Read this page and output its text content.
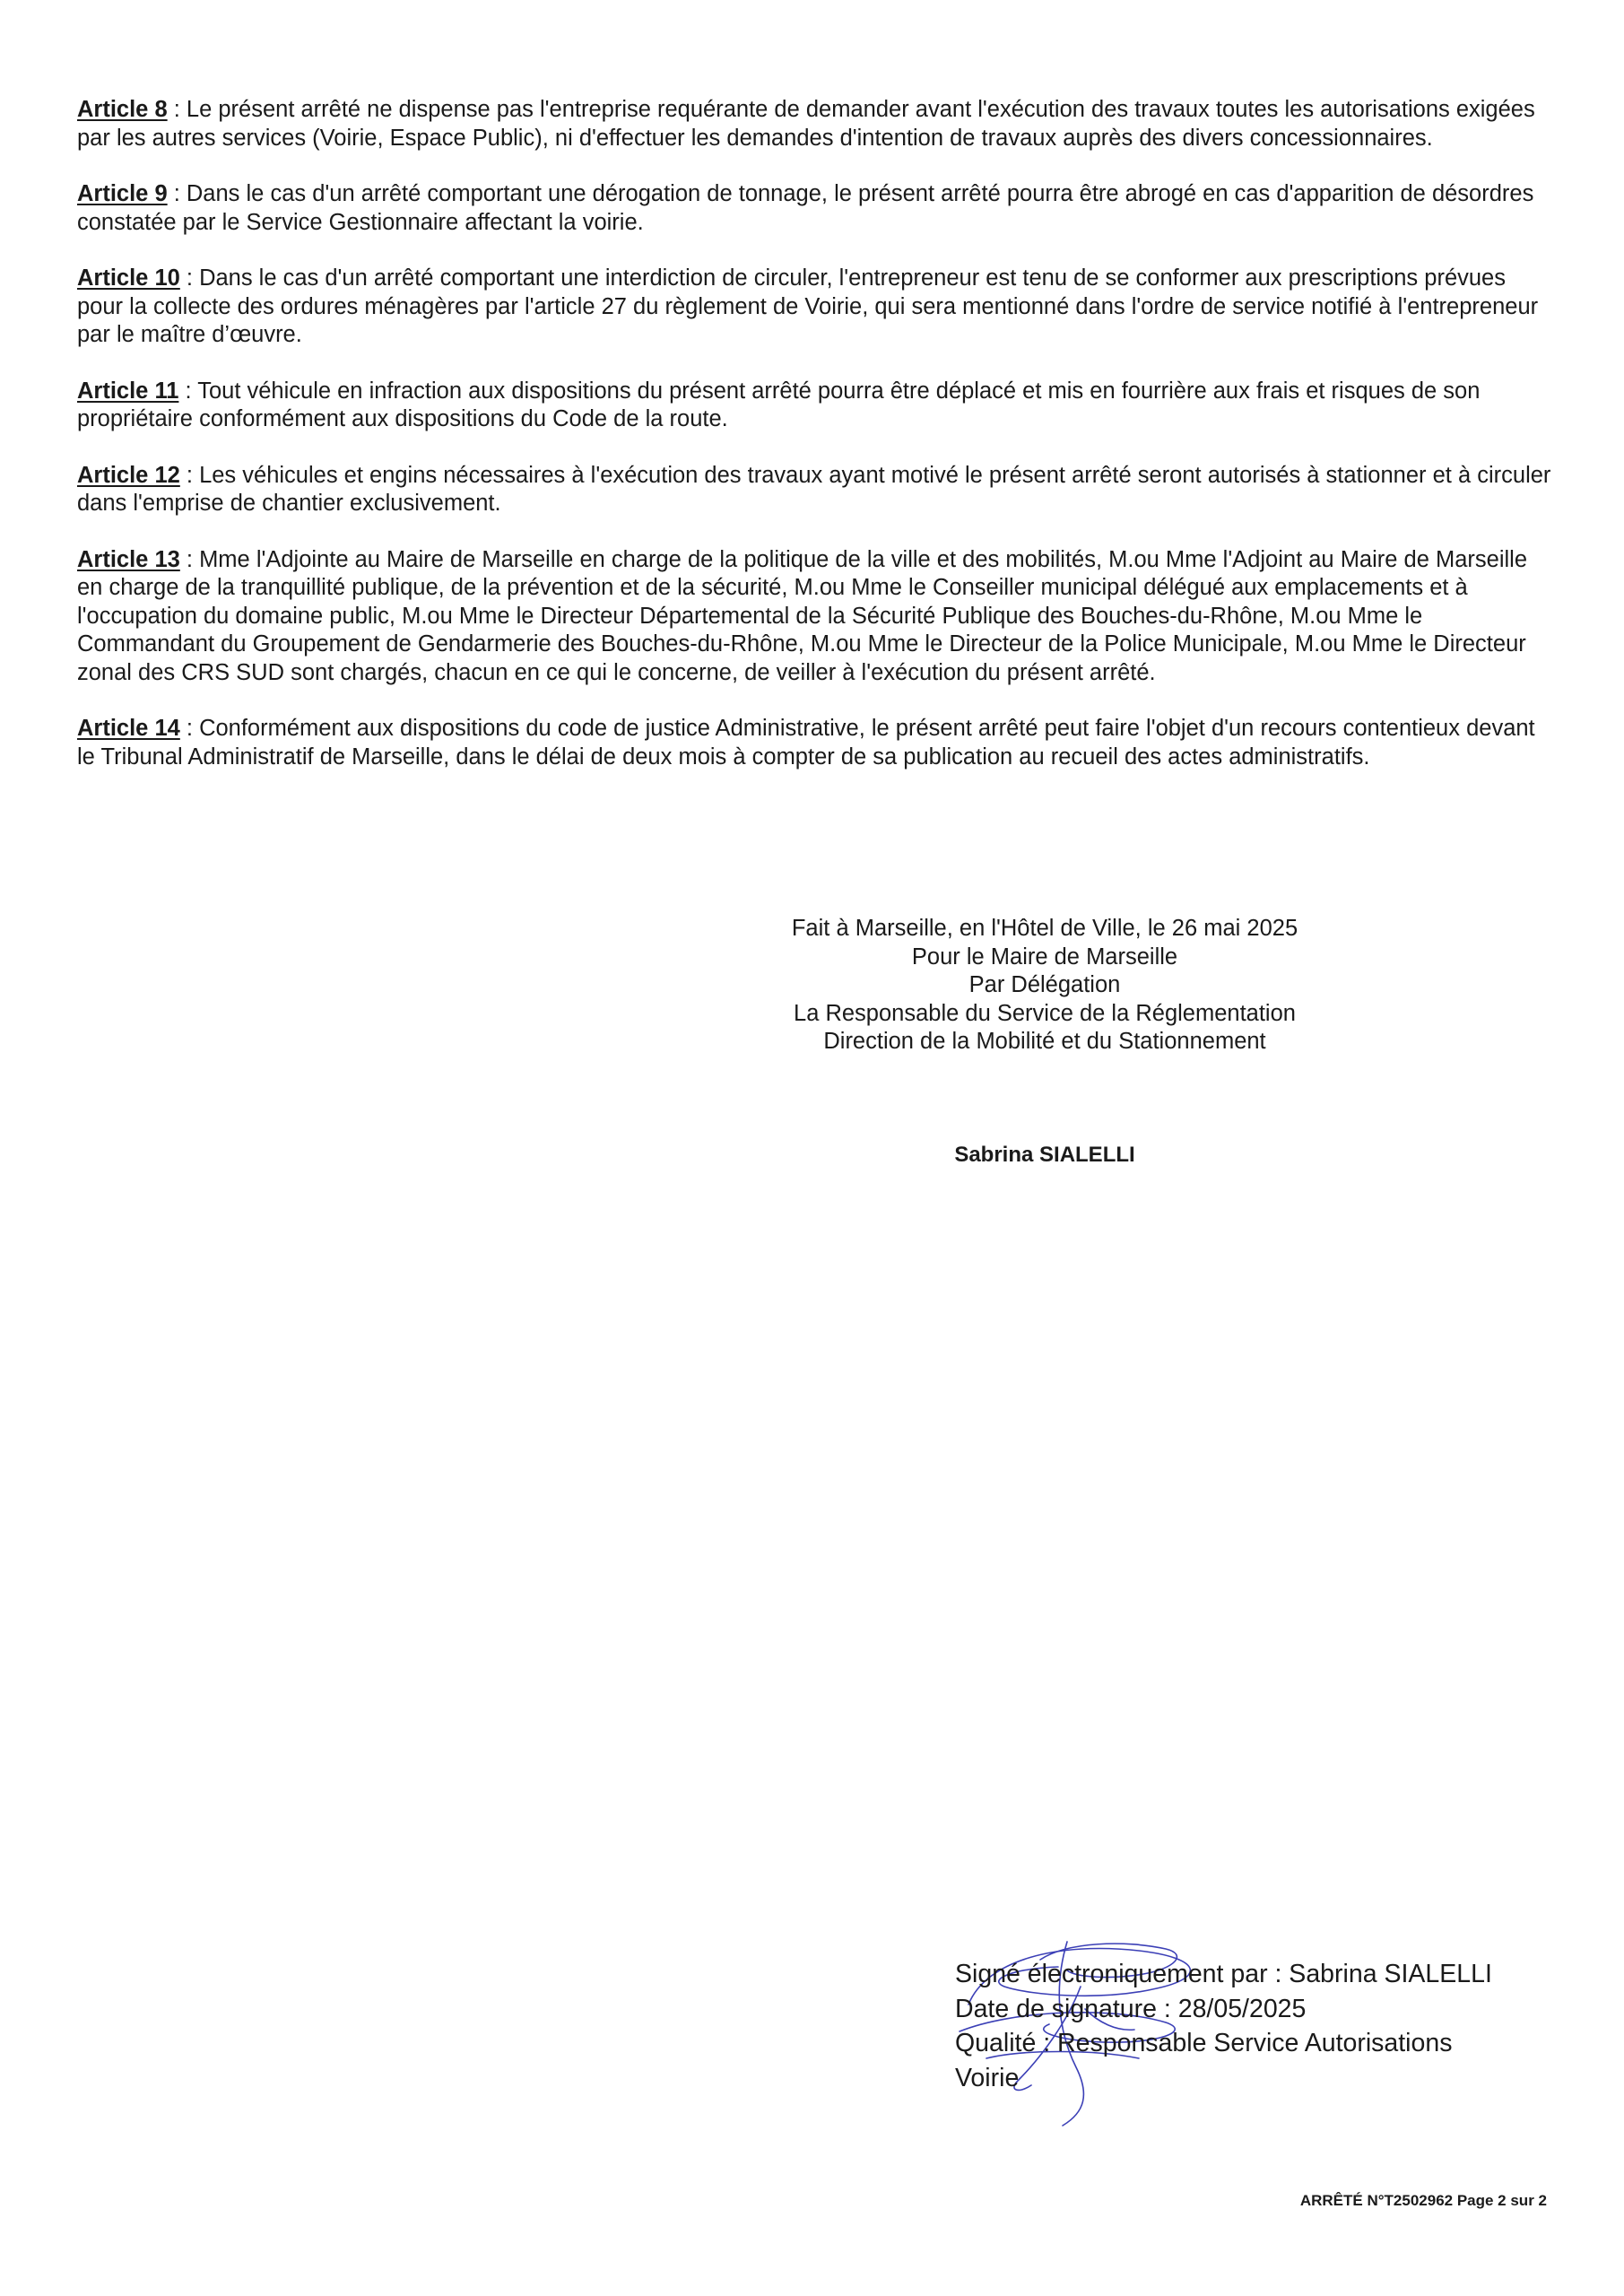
Article 8 : Le présent arrêté ne dispense pas l'entreprise requérante de demander avant l'exécution des travaux toutes les autorisations exigées par les autres services (Voirie, Espace Public), ni d'effectuer les demandes d'intention de travaux auprès des divers concessionnaires.

Article 9 : Dans le cas d'un arrêté comportant une dérogation de tonnage, le présent arrêté pourra être abrogé en cas d'apparition de désordres constatée par le Service Gestionnaire affectant la voirie.

Article 10 : Dans le cas d'un arrêté comportant une interdiction de circuler, l'entrepreneur est tenu de se conformer aux prescriptions prévues pour la collecte des ordures ménagères par l'article 27 du règlement de Voirie, qui sera mentionné dans l'ordre de service notifié à l'entrepreneur par le maître d’œuvre.

Article 11 : Tout véhicule en infraction aux dispositions du présent arrêté pourra être déplacé et mis en fourrière aux frais et risques de son propriétaire conformément aux dispositions du Code de la route.

Article 12 : Les véhicules et engins nécessaires à l'exécution des travaux ayant motivé le présent arrêté seront autorisés à stationner et à circuler dans l'emprise de chantier exclusivement.

Article 13 : Mme l'Adjointe au Maire de Marseille en charge de la politique de la ville et des mobilités, M.ou Mme l'Adjoint au Maire de Marseille en charge de la tranquillité publique, de la prévention et de la sécurité, M.ou Mme le Conseiller municipal délégué aux emplacements et à l'occupation du domaine public, M.ou Mme le Directeur Départemental de la Sécurité Publique des Bouches-du-Rhône, M.ou Mme le Commandant du Groupement de Gendarmerie des Bouches-du-Rhône, M.ou Mme le Directeur de la Police Municipale, M.ou Mme le Directeur zonal des CRS SUD sont chargés, chacun en ce qui le concerne, de veiller à l'exécution du présent arrêté.

Article 14 : Conformément aux dispositions du code de justice Administrative, le présent arrêté peut faire l'objet d'un recours contentieux devant le Tribunal Administratif de Marseille, dans le délai de deux mois à compter de sa publication au recueil des actes administratifs.

Fait à Marseille, en l'Hôtel de Ville, le 26 mai 2025
Pour le Maire de Marseille
Par Délégation
La Responsable du Service de la Réglementation
Direction de la Mobilité et du Stationnement
Sabrina SIALELLI
Signé électroniquement par : Sabrina SIALELLI
Date de signature : 28/05/2025
Qualité : Responsable Service Autorisations
Voirie
ARRÊTÉ N°T2502962 Page 2 sur 2
